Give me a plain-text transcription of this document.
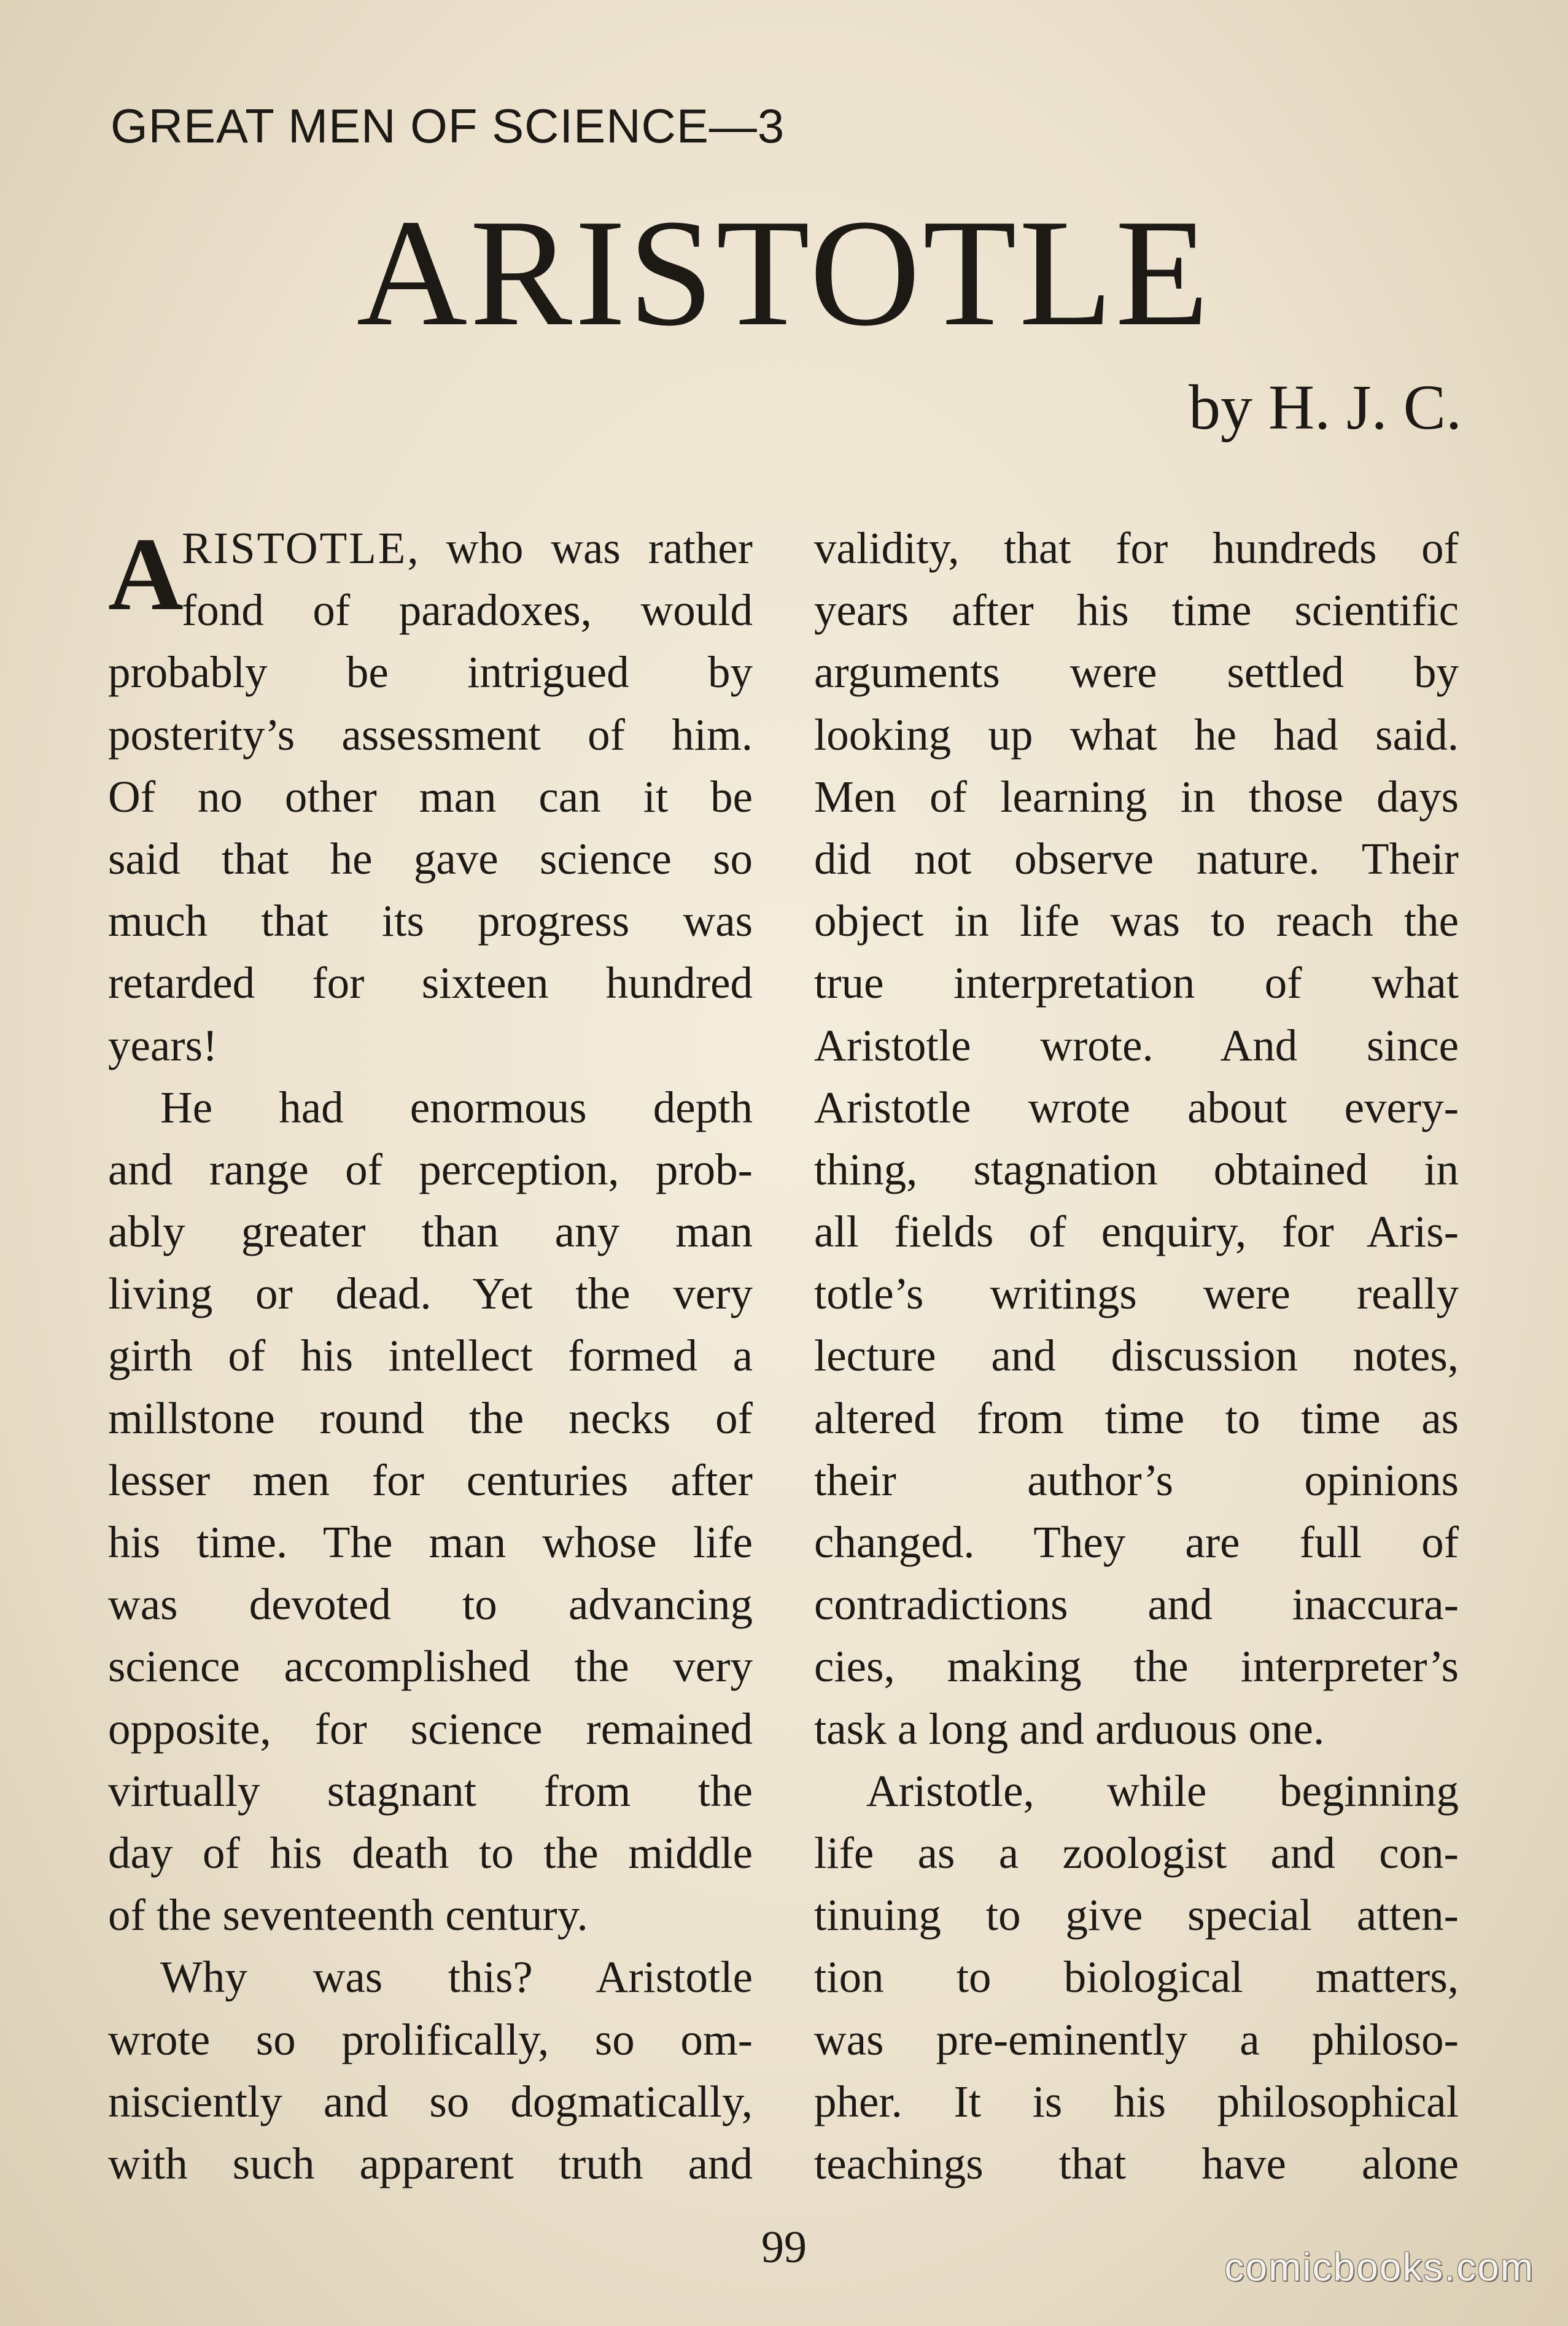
GREAT MEN OF SCIENCE—3
ARISTOTLE
by H. J. C.
A
RISTOTLE, who was rather
fond of paradoxes, would
probably be intrigued by
posterity’s assessment of him.
Of no other man can it be
said that he gave science so
much that its progress was
retarded for sixteen hundred
years!
He had enormous depth
and range of perception, prob-
ably greater than any man
living or dead. Yet the very
girth of his intellect formed a
millstone round the necks of
lesser men for centuries after
his time. The man whose life
was devoted to advancing
science accomplished the very
opposite, for science remained
virtually stagnant from the
day of his death to the middle
of the seventeenth century.
Why was this? Aristotle
wrote so prolifically, so om-
nisciently and so dogmatically,
with such apparent truth and
validity, that for hundreds of
years after his time scientific
arguments were settled by
looking up what he had said.
Men of learning in those days
did not observe nature. Their
object in life was to reach the
true interpretation of what
Aristotle wrote. And since
Aristotle wrote about every-
thing, stagnation obtained in
all fields of enquiry, for Aris-
totle’s writings were really
lecture and discussion notes,
altered from time to time as
their author’s opinions
changed. They are full of
contradictions and inaccura-
cies, making the interpreter’s
task a long and arduous one.
Aristotle, while beginning
life as a zoologist and con-
tinuing to give special atten-
tion to biological matters,
was pre-eminently a philoso-
pher. It is his philosophical
teachings that have alone
99	comicbooks.com
